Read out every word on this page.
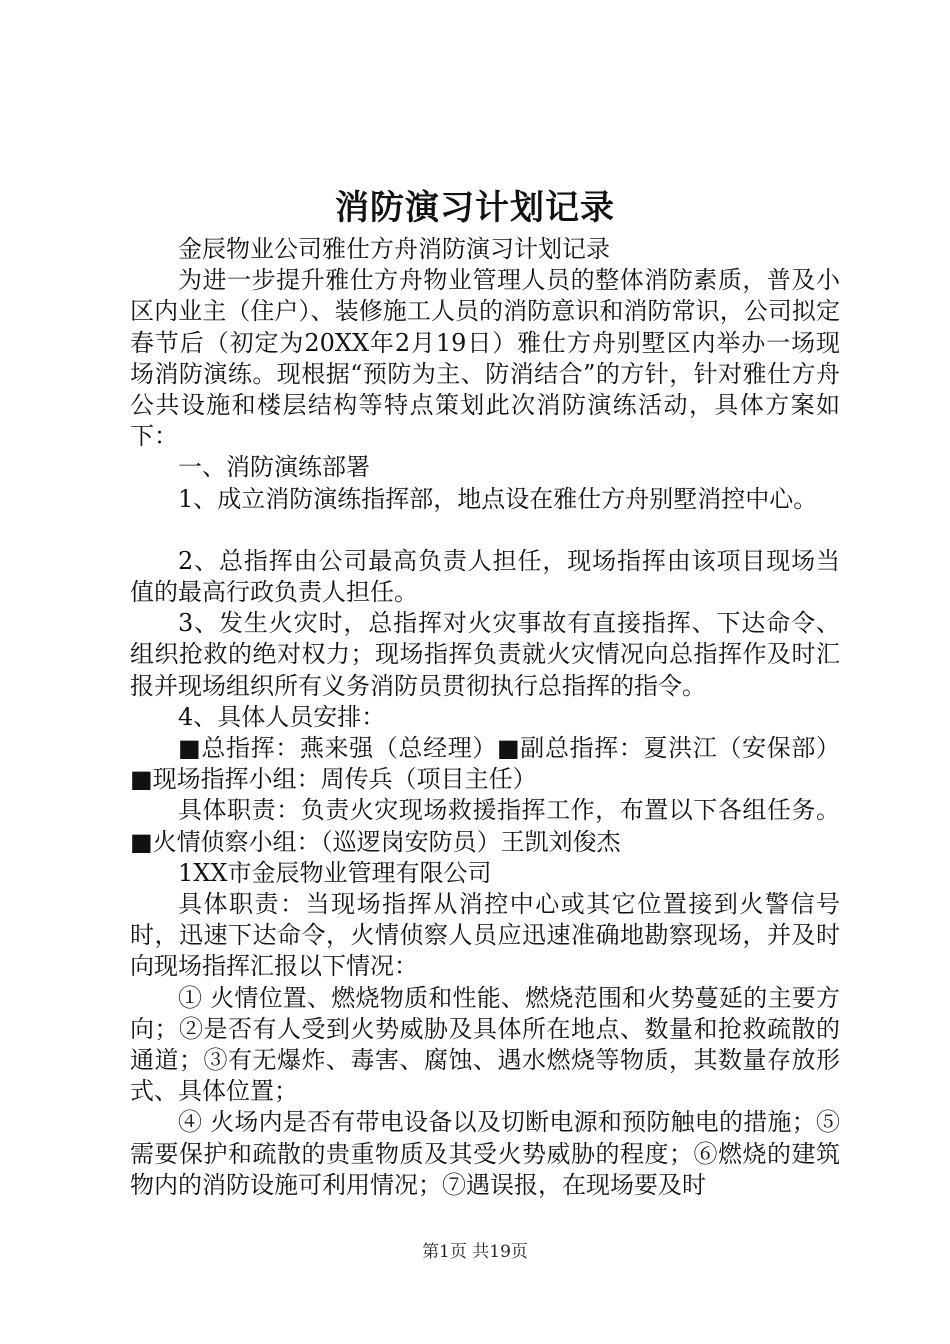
消防演习计划记录

金辰物业公司雅仕方舟消防演习计划记录

为进一步提升雅仕方舟物业管理人员的整体消防素质，普及小区内业主（住户）、装修施工人员的消防意识和消防常识，公司拟定春节后（初定为20XX年2月19日）雅仕方舟别墅区内举办一场现场消防演练。现根据“预防为主、防消结合”的方针，针对雅仕方舟公共设施和楼层结构等特点策划此次消防演练活动，具体方案如下：

一、消防演练部署

1、成立消防演练指挥部，地点设在雅仕方舟别墅消控中心。

2、总指挥由公司最高负责人担任，现场指挥由该项目现场当值的最高行政负责人担任。

3、发生火灾时，总指挥对火灾事故有直接指挥、下达命令、组织抢救的绝对权力；现场指挥负责就火灾情况向总指挥作及时汇报并现场组织所有义务消防员贯彻执行总指挥的指令。

4、具体人员安排：

■总指挥：燕来强（总经理）■副总指挥：夏洪江（安保部）■现场指挥小组：周传兵（项目主任）

具体职责：负责火灾现场救援指挥工作，布置以下各组任务。■火情侦察小组：（巡逻岗安防员）王凯刘俊杰

1XX市金辰物业管理有限公司

具体职责：当现场指挥从消控中心或其它位置接到火警信号时，迅速下达命令，火情侦察人员应迅速准确地勘察现场，并及时向现场指挥汇报以下情况：

① 火情位置、燃烧物质和性能、燃烧范围和火势蔓延的主要方向；②是否有人受到火势威胁及具体所在地点、数量和抢救疏散的通道；③有无爆炸、毒害、腐蚀、遇水燃烧等物质，其数量存放形式、具体位置；

④ 火场内是否有带电设备以及切断电源和预防触电的措施；⑤需要保护和疏散的贵重物质及其受火势威胁的程度；⑥燃烧的建筑物内的消防设施可利用情况；⑦遇误报，在现场要及时

第1页 共19页
